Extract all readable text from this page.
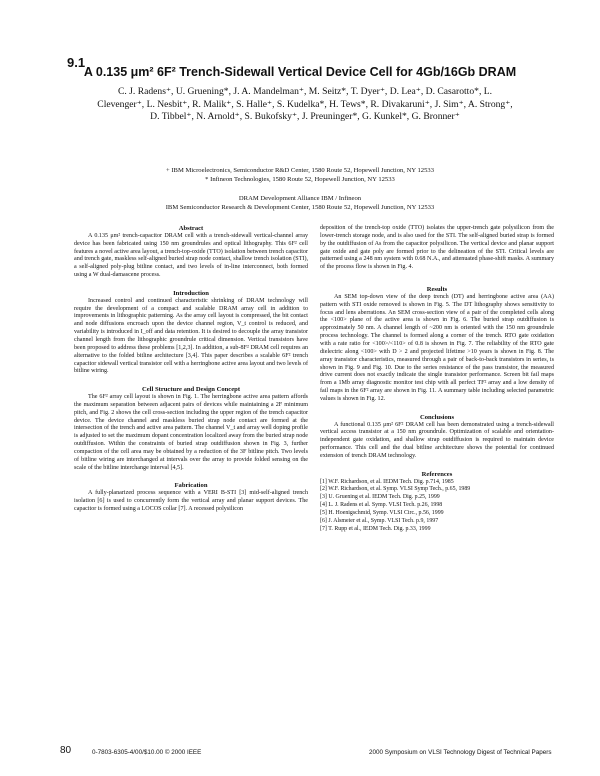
9.1
A 0.135 μm² 6F² Trench-Sidewall Vertical Device Cell for 4Gb/16Gb DRAM
C. J. Radens⁺, U. Gruening*, J. A. Mandelman⁺, M. Seitz*, T. Dyer⁺, D. Lea⁺, D. Casarotto*, L. Clevenger⁺, L. Nesbit⁺, R. Malik⁺, S. Halle⁺, S. Kudelka*, H. Tews*, R. Divakaruni⁺, J. Sim⁺, A. Strong⁺, D. Tibbel⁺, N. Arnold⁺, S. Bukofsky⁺, J. Preuninger*, G. Kunkel*, G. Bronner⁺
+ IBM Microelectronics, Semiconductor R&D Center, 1580 Route 52, Hopewell Junction, NY 12533
* Infineon Technologies, 1580 Route 52, Hopewell Junction, NY 12533
DRAM Development Alliance IBM / Infineon
IBM Semiconductor Research & Development Center, 1580 Route 52, Hopewell Junction, NY 12533

Abstract

A 0.135 μm² trench-capacitor DRAM cell with a trench-sidewall vertical-channel array device has been fabricated using 150 nm groundrules and optical lithography. This 6F² cell features a novel active area layout, a trench-top-oxide (TTO) isolation between trench capacitor and trench gate, maskless self-aligned buried strap node contact, shallow trench isolation (STI), a self-aligned poly-plug bitline contact, and two levels of in-line interconnect, both formed using a W dual-damascene process.

Introduction

Increased control and continued characteristic shrinking of DRAM technology will require the development of a compact and scalable DRAM array cell in addition to improvements in lithographic patterning. As the array cell layout is compressed, the bit contact and node diffusions encroach upon the device channel region, V_t control is reduced, and variability is introduced in I_off and data retention. It is desired to decouple the array transistor channel length from the lithographic groundrule critical dimension. Vertical transistors have been proposed to address these problems [1,2,3]. In addition, a sub-8F² DRAM cell requires an alternative to the folded bitline architecture [3,4]. This paper describes a scalable 6F² trench capacitor sidewall vertical transistor cell with a herringbone active area layout and two levels of bitline wiring.

Cell Structure and Design Concept

The 6F² array cell layout is shown in Fig. 1. The herringbone active area pattern affords the maximum separation between adjacent pairs of devices while maintaining a 2F minimum pitch, and Fig. 2 shows the cell cross-section including the upper region of the trench capacitor device. The device channel and maskless buried strap node contact are formed at the intersection of the trench and active area pattern. The channel V_t and array well doping profile is adjusted to set the maximum dopant concentration localized away from the buried strap node outdiffusion. Within the constraints of buried strap outdiffusion shown in Fig. 3, further compaction of the cell area may be obtained by a reduction of the 3F bitline pitch. Two levels of bitline wiring are interchanged at intervals over the array to provide folded sensing on the scale of the bitline interchange interval [4,5].

Fabrication

A fully-planarized process sequence with a VERI B-STI [3] mid-self-aligned trench isolation [6] is used to concurrently form the vertical array and planar support devices. The capacitor is formed using a LOCOS collar [7]. A recessed polysilicon

deposition of the trench-top oxide (TTO) isolates the upper-trench gate polysilicon from the lower-trench storage node, and is also used for the STI. The self-aligned buried strap is formed by the outdiffusion of As from the capacitor polysilicon. The vertical device and planar support gate oxide and gate poly are formed prior to the delineation of the STI. Critical levels are patterned using a 248 nm system with 0.68 N.A., and attenuated phase-shift masks. A summary of the process flow is shown in Fig. 4.

Results

An SEM top-down view of the deep trench (DT) and herringbone active area (AA) pattern with STI oxide removed is shown in Fig. 5. The DT lithography shows sensitivity to focus and lens aberrations. An SEM cross-section view of a pair of the completed cells along the <100> plane of the active area is shown in Fig. 6. The buried strap outdiffusion is approximately 50 nm. A channel length of ~200 nm is oriented with the 150 nm groundrule process technology. The channel is formed along a corner of the trench. RTO gate oxidation with a rate ratio for <100>/<110> of 0.8 is shown in Fig. 7. The reliability of the RTO gate dielectric along <100> with D > 2 and projected lifetime >10 years is shown in Fig. 8. The array transistor characteristics, measured through a pair of back-to-back transistors in series, is shown in Fig. 9 and Fig. 10. Due to the series resistance of the pass transistor, the measured drive current does not exactly indicate the single transistor performance. Screen bit fail maps from a 1Mb array diagnostic monitor test chip with all perfect TF² array and a low density of fail maps in the 6F² array are shown in Fig. 11. A summary table including selected parametric values is shown in Fig. 12.

Conclusions

A functional 0.135 μm² 6F² DRAM cell has been demonstrated using a trench-sidewall vertical access transistor at a 150 nm groundrule. Optimization of scalable and orientation-independent gate oxidation, and shallow strap outdiffusion is required to maintain device performance. This cell and the dual bitline architecture shows the potential for continued extension of trench DRAM technology.

References

[1] W.F. Richardson, et al. IEDM Tech. Dig. p.714, 1985
[2] W.F. Richardson, et al. Symp. VLSI Symp Tech., p.65, 1989
[3] U. Gruening et al. IEDM Tech. Dig. p.25, 1999
[4] L. J. Radens et al. Symp. VLSI Tech. p.26, 1998
[5] H. Hoenigschmid, Symp. VLSI Circ., p.56, 1999
[6] J. Alsmeier et al., Symp. VLSI Tech. p.9, 1997
[7] T. Rupp et al., IEDM Tech. Dig. p.33, 1999
80	0-7803-6305-4/00/$10.00 © 2000 IEEE	2000 Symposium on VLSI Technology Digest of Technical Papers
